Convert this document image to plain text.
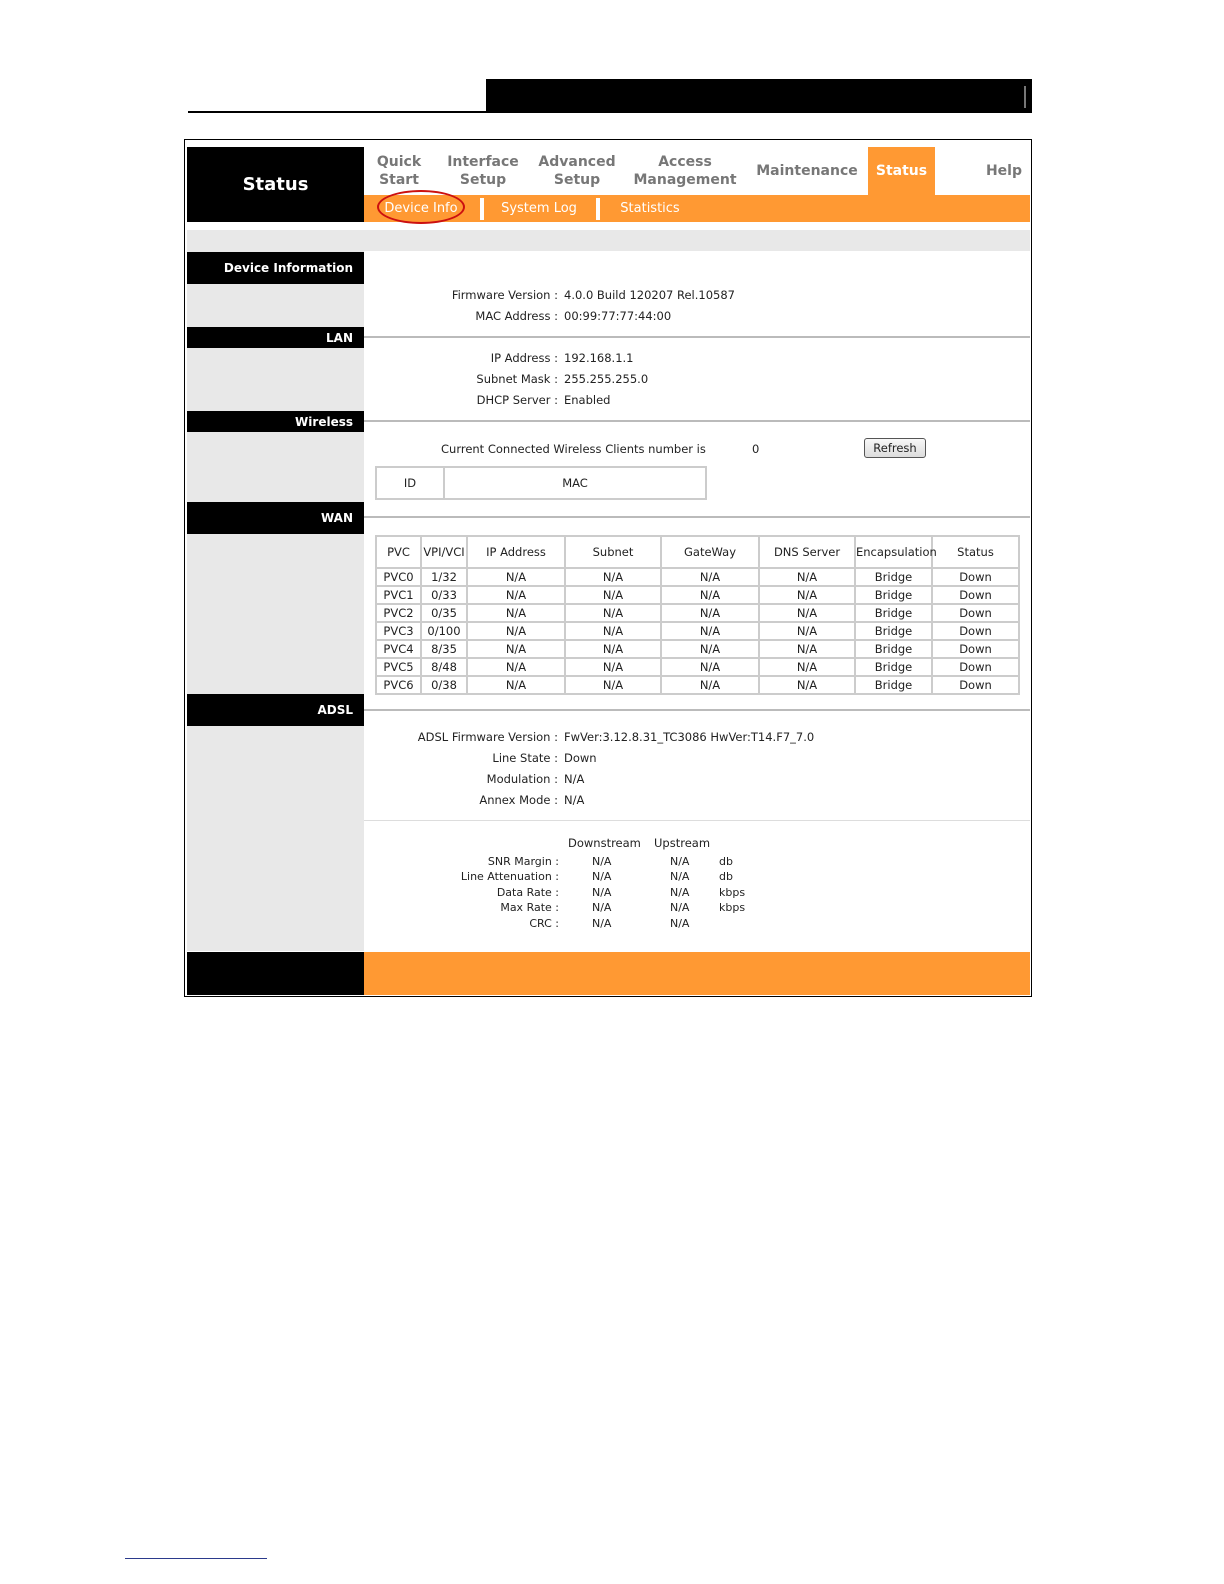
Status
Quick
Start
Interface
Setup
Advanced
Setup
Access
Management
Maintenance Status	Help
Device Info	System Log	Statistics
Device Information
Firmware Version : 4.0.0 Build 120207 Rel.10587
MAC Address : 00:99:77:77:44:00
LAN
IP Address : 192.168.1.1
Subnet Mask : 255.255.255.0
DHCP Server : Enabled
Wireless
Current Connected Wireless Clients number is	0	Refresh
ID	MAC
WAN
PVC	VPI/VCI	IP Address	Subnet	GateWay	DNS Server	Encapsulation	Status
PVC0	1/32	N/A	N/A	N/A	N/A	Bridge	Down
PVC1	0/33	N/A	N/A	N/A	N/A	Bridge	Down
PVC2	0/35	N/A	N/A	N/A	N/A	Bridge	Down
PVC3	0/100	N/A	N/A	N/A	N/A	Bridge	Down
PVC4	8/35	N/A	N/A	N/A	N/A	Bridge	Down
PVC5	8/48	N/A	N/A	N/A	N/A	Bridge	Down
PVC6	0/38	N/A	N/A	N/A	N/A	Bridge	Down
ADSL
ADSL Firmware Version : FwVer:3.12.8.31_TC3086 HwVer:T14.F7_7.0
Line State : Down
Modulation : N/A
Annex Mode : N/A
Downstream Upstream
SNR Margin :	N/A	N/A	db
Line Attenuation :	N/A	N/A	db
Data Rate :	N/A	N/A	kbps
Max Rate :	N/A	N/A	kbps
CRC :	N/A	N/A
